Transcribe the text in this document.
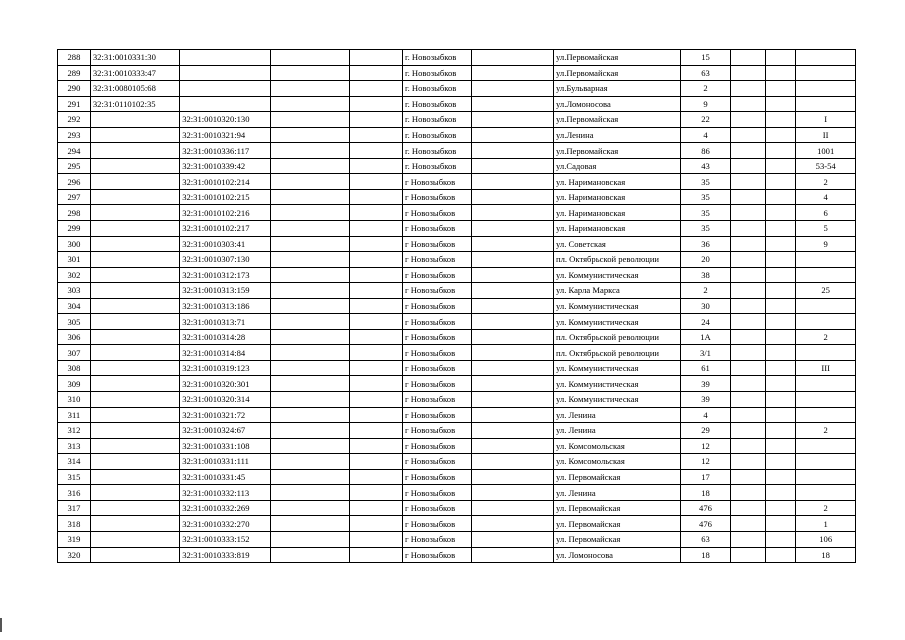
288	32:31:0010331:30				г. Новозыбков		ул.Первомайская	15			
289	32:31:0010333:47				г. Новозыбков		ул.Первомайская	63			
290	32:31:0080105:68				г. Новозыбков		ул.Бульварная	2			
291	32:31:0110102:35				г. Новозыбков		ул.Ломоносова	9			
292		32:31:0010320:130			г. Новозыбков		ул.Первомайская	22			I
293		32:31:0010321:94			г. Новозыбков		ул.Ленина	4			II
294		32:31:0010336:117			г. Новозыбков		ул.Первомайская	86			1001
295		32:31:0010339:42			г. Новозыбков		ул.Садовая	43			53-54
296		32:31:0010102:214			г Новозыбков		ул. Наримановская	35			2
297		32:31:0010102:215			г Новозыбков		ул. Наримановская	35			4
298		32:31:0010102:216			г Новозыбков		ул. Наримановская	35			6
299		32:31:0010102:217			г Новозыбков		ул. Наримановская	35			5
300		32:31:0010303:41			г Новозыбков		ул. Советская	36			9
301		32:31:0010307:130			г Новозыбков		пл. Октябрьской революции	20			
302		32:31:0010312:173			г Новозыбков		ул. Коммунистическая	38			
303		32:31:0010313:159			г Новозыбков		ул. Карла Маркса	2			25
304		32:31:0010313:186			г Новозыбков		ул. Коммунистическая	30			
305		32:31:0010313:71			г Новозыбков		ул. Коммунистическая	24			
306		32:31:0010314:28			г Новозыбков		пл. Октябрьской революции	1А			2
307		32:31:0010314:84			г Новозыбков		пл. Октябрьской революции	3/1			
308		32:31:0010319:123			г Новозыбков		ул. Коммунистическая	61			III
309		32:31:0010320:301			г Новозыбков		ул. Коммунистическая	39			
310		32:31:0010320:314			г Новозыбков		ул. Коммунистическая	39			
311		32:31:0010321:72			г Новозыбков		ул. Ленина	4			
312		32:31:0010324:67			г Новозыбков		ул. Ленина	29			2
313		32:31:0010331:108			г Новозыбков		ул. Комсомольская	12			
314		32:31:0010331:111			г Новозыбков		ул. Комсомольская	12			
315		32:31:0010331:45			г Новозыбков		ул. Первомайская	17			
316		32:31:0010332:113			г Новозыбков		ул. Ленина	18			
317		32:31:0010332:269			г Новозыбков		ул. Первомайская	476			2
318		32:31:0010332:270			г Новозыбков		ул. Первомайская	476			1
319		32:31:0010333:152			г Новозыбков		ул. Первомайская	63			106
320		32:31:0010333:819			г Новозыбков		ул. Ломоносова	18			18
